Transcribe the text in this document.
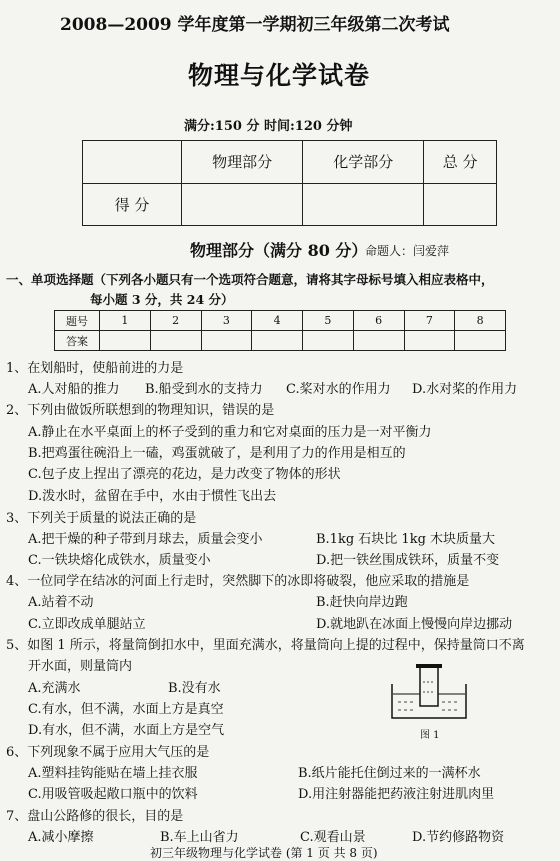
2008—2009 学年度第一学期初三年级第二次考试
物理与化学试卷
满分:150 分 时间:120 分钟
	物理部分	化学部分	总 分
得 分			
物理部分（满分 80 分）
命题人：闫爱萍
一、单项选择题（下列各小题只有一个选项符合题意，请将其字母标号填入相应表格中，
每小题 3 分，共 24 分）
题号	1	2	3	4	5	6	7	8
答案								
1、在划船时，使船前进的力是
A.人对船的推力 B.船受到水的支持力 C.桨对水的作用力 D.水对桨的作用力
2、下列由做饭所联想到的物理知识，错误的是
A.静止在水平桌面上的杯子受到的重力和它对桌面的压力是一对平衡力
B.把鸡蛋往碗沿上一磕，鸡蛋就破了，是利用了力的作用是相互的
C.包子皮上捏出了漂亮的花边，是力改变了物体的形状
D.泼水时，盆留在手中，水由于惯性飞出去
3、下列关于质量的说法正确的是
A.把干燥的种子带到月球去，质量会变小	B.1kg 石块比 1kg 木块质量大
C.一铁块熔化成铁水，质量变小	D.把一铁丝围成铁环，质量不变
4、一位同学在结冰的河面上行走时，突然脚下的冰即将破裂，他应采取的措施是
A.站着不动	B.赶快向岸边跑
C.立即改成单腿站立	D.就地趴在冰面上慢慢向岸边挪动
5、如图 1 所示，将量筒倒扣水中，里面充满水，将量筒向上提的过程中，保持量筒口不离
开水面，则量筒内
A.充满水	B.没有水
C.有水，但不满，水面上方是真空
D.有水，但不满，水面上方是空气	图 1
6、下列现象不属于应用大气压的是
A.塑料挂钩能贴在墙上挂衣服	B.纸片能托住倒过来的一满杯水
C.用吸管吸起敞口瓶中的饮料	D.用注射器能把药液注射进肌肉里
7、盘山公路修的很长，目的是
A.减小摩擦	B.车上山省力	C.观看山景	D.节约修路物资
初三年级物理与化学试卷 (第 1 页 共 8 页)
